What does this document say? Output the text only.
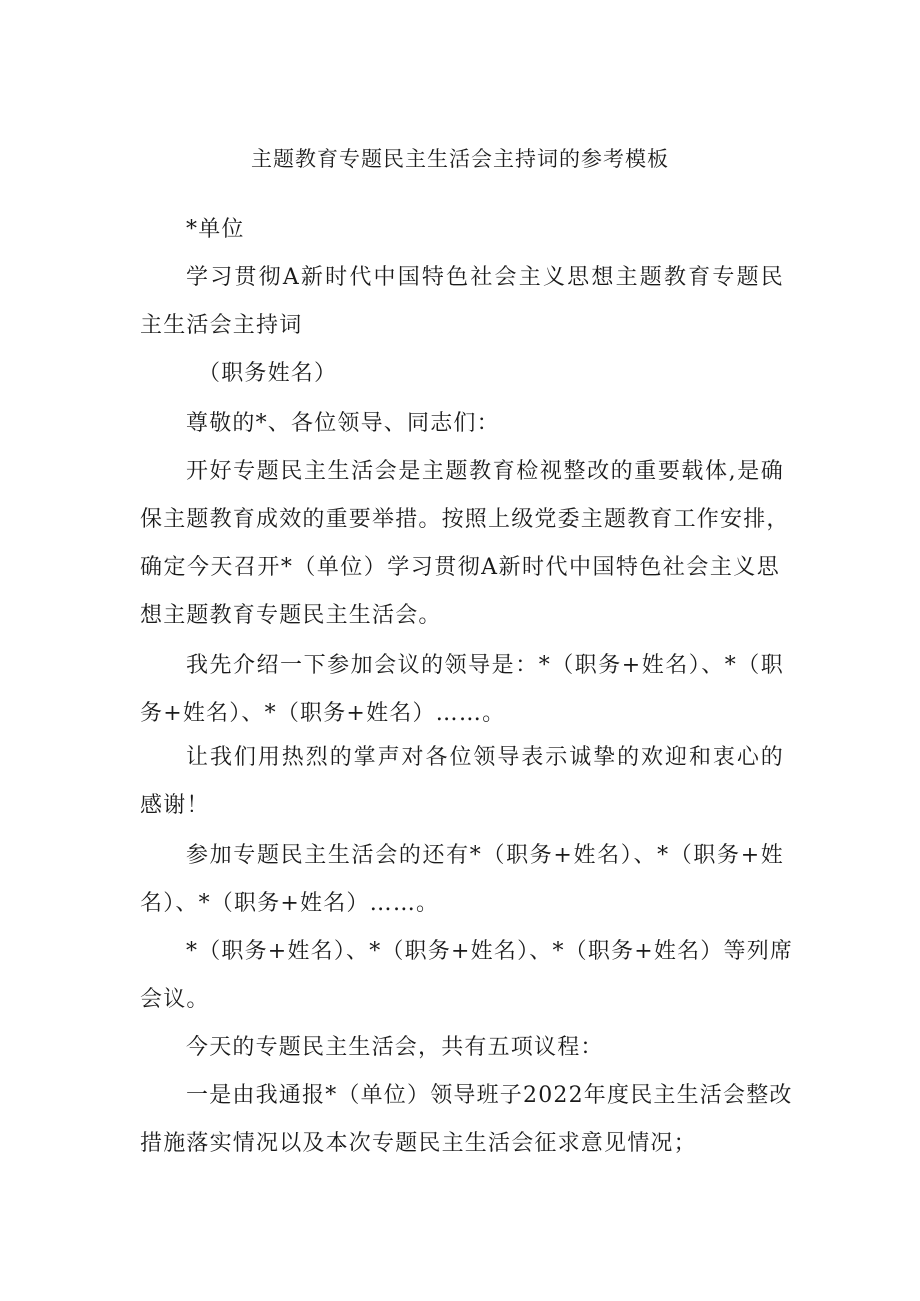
主题教育专题民主生活会主持词的参考模板
*单位
学习贯彻A新时代中国特色社会主义思想主题教育专题民
主生活会主持词
（职务姓名）
尊敬的*、各位领导、同志们：
开好专题民主生活会是主题教育检视整改的重要载体,是确
保主题教育成效的重要举措。按照上级党委主题教育工作安排，
确定今天召开*（单位）学习贯彻A新时代中国特色社会主义思
想主题教育专题民主生活会。
我先介绍一下参加会议的领导是：*（职务+姓名）、*（职
务+姓名）、*（职务+姓名）……。
让我们用热烈的掌声对各位领导表示诚挚的欢迎和衷心的
感谢！
参加专题民主生活会的还有*（职务+姓名）、*（职务+姓
名）、*（职务+姓名）……。
*（职务+姓名）、*（职务+姓名）、*（职务+姓名）等列席
会议。
今天的专题民主生活会，共有五项议程：
一是由我通报*（单位）领导班子2022年度民主生活会整改
措施落实情况以及本次专题民主生活会征求意见情况；
